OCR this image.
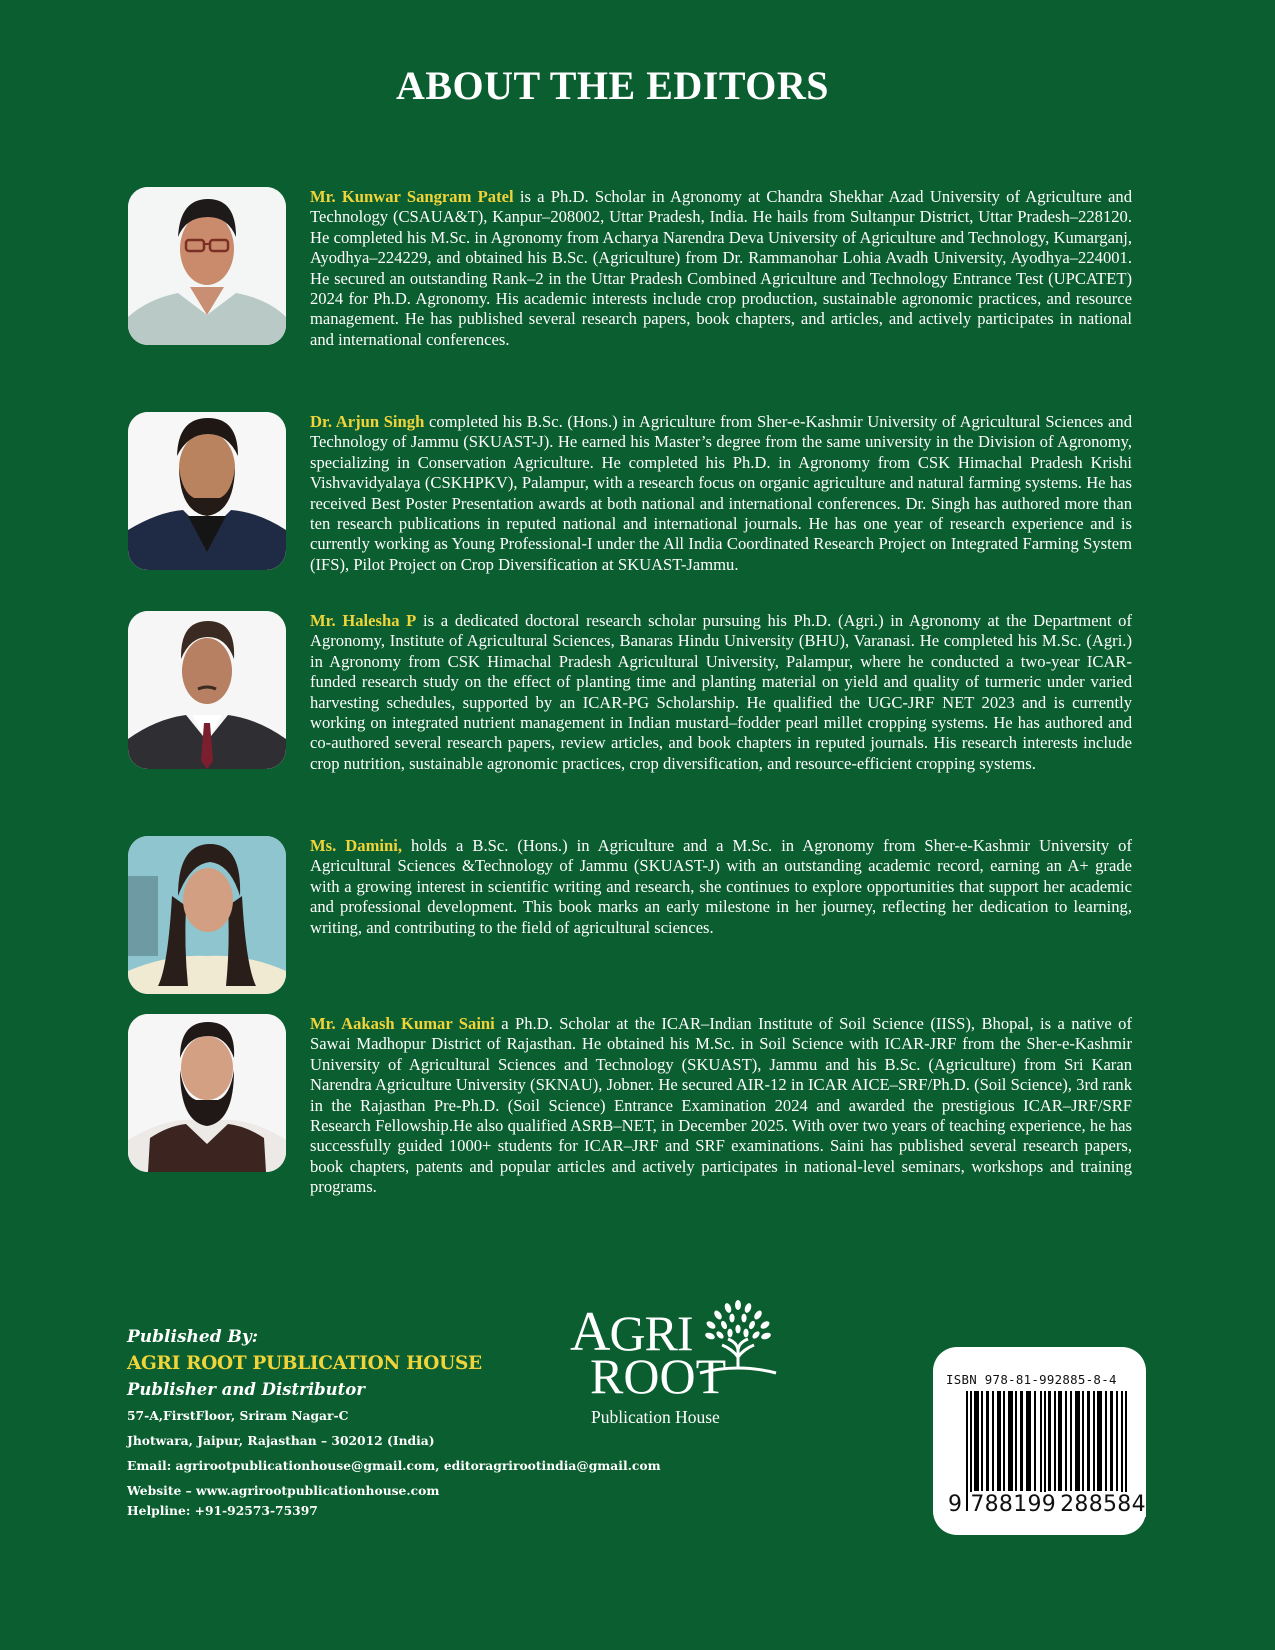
ABOUT THE EDITORS

Mr. Kunwar Sangram Patel is a Ph.D. Scholar in Agronomy at Chandra Shekhar Azad University of Agriculture and Technology (CSAUA&T), Kanpur–208002, Uttar Pradesh, India. He hails from Sultanpur District, Uttar Pradesh–228120. He completed his M.Sc. in Agronomy from Acharya Narendra Deva University of Agriculture and Technology, Kumarganj, Ayodhya–224229, and obtained his B.Sc. (Agriculture) from Dr. Rammanohar Lohia Avadh University, Ayodhya–224001. He secured an outstanding Rank–2 in the Uttar Pradesh Combined Agriculture and Technology Entrance Test (UPCATET) 2024 for Ph.D. Agronomy. His academic interests include crop production, sustainable agronomic practices, and resource management. He has published several research papers, book chapters, and articles, and actively participates in national and international conferences.

Dr. Arjun Singh completed his B.Sc. (Hons.) in Agriculture from Sher-e-Kashmir University of Agricultural Sciences and Technology of Jammu (SKUAST-J). He earned his Master’s degree from the same university in the Division of Agronomy, specializing in Conservation Agriculture. He completed his Ph.D. in Agronomy from CSK Himachal Pradesh Krishi Vishvavidyalaya (CSKHPKV), Palampur, with a research focus on organic agriculture and natural farming systems. He has received Best Poster Presentation awards at both national and international conferences. Dr. Singh has authored more than ten research publications in reputed national and international journals. He has one year of research experience and is currently working as Young Professional-I under the All India Coordinated Research Project on Integrated Farming System (IFS), Pilot Project on Crop Diversification at SKUAST-Jammu.

Mr. Halesha P is a dedicated doctoral research scholar pursuing his Ph.D. (Agri.) in Agronomy at the Department of Agronomy, Institute of Agricultural Sciences, Banaras Hindu University (BHU), Varanasi. He completed his M.Sc. (Agri.) in Agronomy from CSK Himachal Pradesh Agricultural University, Palampur, where he conducted a two-year ICAR-funded research study on the effect of planting time and planting material on yield and quality of turmeric under varied harvesting schedules, supported by an ICAR-PG Scholarship. He qualified the UGC-JRF NET 2023 and is currently working on integrated nutrient management in Indian mustard–fodder pearl millet cropping systems. He has authored and co-authored several research papers, review articles, and book chapters in reputed journals. His research interests include crop nutrition, sustainable agronomic practices, crop diversification, and resource-efficient cropping systems.

Ms. Damini, holds a B.Sc. (Hons.) in Agriculture and a M.Sc. in Agronomy from Sher-e-Kashmir University of Agricultural Sciences &Technology of Jammu (SKUAST-J) with an outstanding academic record, earning an A+ grade with a growing interest in scientific writing and research, she continues to explore opportunities that support her academic and professional development. This book marks an early milestone in her journey, reflecting her dedication to learning, writing, and contributing to the field of agricultural sciences.

Mr. Aakash Kumar Saini a Ph.D. Scholar at the ICAR–Indian Institute of Soil Science (IISS), Bhopal, is a native of Sawai Madhopur District of Rajasthan. He obtained his M.Sc. in Soil Science with ICAR-JRF from the Sher-e-Kashmir University of Agricultural Sciences and Technology (SKUAST), Jammu and his B.Sc. (Agriculture) from Sri Karan Narendra Agriculture University (SKNAU), Jobner. He secured AIR-12 in ICAR AICE–SRF/Ph.D. (Soil Science), 3rd rank in the Rajasthan Pre-Ph.D. (Soil Science) Entrance Examination 2024 and awarded the prestigious ICAR–JRF/SRF Research Fellowship.He also qualified ASRB–NET, in December 2025. With over two years of teaching experience, he has successfully guided 1000+ students for ICAR–JRF and SRF examinations. Saini has published several research papers, book chapters, patents and popular articles and actively participates in national-level seminars, workshops and training programs.

Published By:
AGRI ROOT PUBLICATION HOUSE
Publisher and Distributor
57-A,FirstFloor, Sriram Nagar-C
Jhotwara, Jaipur, Rajasthan – 302012 (India)
Email: agrirootpublicationhouse@gmail.com, editoragrirootindia@gmail.com
Website – www.agrirootpublicationhouse.com
Helpline: +91-92573-75397
AGRI
ROOT
Publication House
ISBN 978-81-992885-8-4
9 788199 288584
